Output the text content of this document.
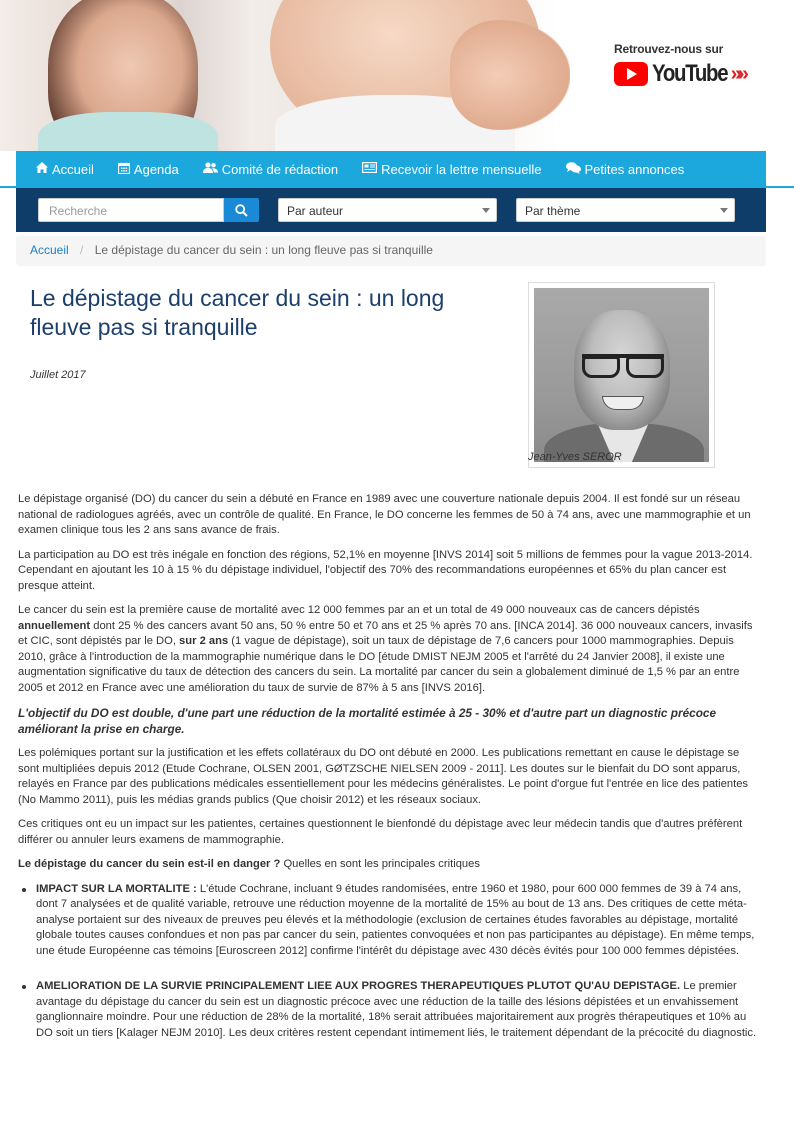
Retrouvez-nous sur
YouTube »»
Accueil	Agenda	Comité de rédaction	Recevoir la lettre mensuelle	Petites annonces
Recherche	Par auteur	Par thème
Accueil / Le dépistage du cancer du sein : un long fleuve pas si tranquille
Le dépistage du cancer du sein : un long fleuve pas si tranquille
Juillet 2017
Jean-Yves SEROR

Le dépistage organisé (DO) du cancer du sein a débuté en France en 1989 avec une couverture nationale depuis 2004. Il est fondé sur un réseau national de radiologues agréés, avec un contrôle de qualité. En France, le DO concerne les femmes de 50 à 74 ans, avec une mammographie et un examen clinique tous les 2 ans sans avance de frais.

La participation au DO est très inégale en fonction des régions, 52,1% en moyenne [INVS 2014] soit 5 millions de femmes pour la vague 2013-2014. Cependant en ajoutant les 10 à 15 % du dépistage individuel, l'objectif des 70% des recommandations européennes et 65% du plan cancer est presque atteint.

Le cancer du sein est la première cause de mortalité avec 12 000 femmes par an et un total de 49 000 nouveaux cas de cancers dépistés annuellement dont 25 % des cancers avant 50 ans, 50 % entre 50 et 70 ans et 25 % après 70 ans. [INCA 2014]. 36 000 nouveaux cancers, invasifs et CIC, sont dépistés par le DO, sur 2 ans (1 vague de dépistage), soit un taux de dépistage de 7,6 cancers pour 1000 mammographies. Depuis 2010, grâce à l'introduction de la mammographie numérique dans le DO [étude DMIST NEJM 2005 et l'arrêté du 24 Janvier 2008], il existe une augmentation significative du taux de détection des cancers du sein. La mortalité par cancer du sein a globalement diminué de 1,5 % par an entre 2005 et 2012 en France avec une amélioration du taux de survie de 87% à 5 ans [INVS 2016].

L'objectif du DO est double, d'une part une réduction de la mortalité estimée à 25 - 30% et d'autre part un diagnostic précoce améliorant la prise en charge.

Les polémiques portant sur la justification et les effets collatéraux du DO ont débuté en 2000. Les publications remettant en cause le dépistage se sont multipliées depuis 2012 (Etude Cochrane, OLSEN 2001, GØTZSCHE NIELSEN 2009 - 2011]. Les doutes sur le bienfait du DO sont apparus, relayés en France par des publications médicales essentiellement pour les médecins généralistes. Le point d'orgue fut l'entrée en lice des patientes (No Mammo 2011), puis les médias grands publics (Que choisir 2012) et les réseaux sociaux.

Ces critiques ont eu un impact sur les patientes, certaines questionnent le bienfondé du dépistage avec leur médecin tandis que d'autres préfèrent différer ou annuler leurs examens de mammographie.

Le dépistage du cancer du sein est-il en danger ? Quelles en sont les principales critiques

IMPACT SUR LA MORTALITE : L'étude Cochrane, incluant 9 études randomisées, entre 1960 et 1980, pour 600 000 femmes de 39 à 74 ans, dont 7 analysées et de qualité variable, retrouve une réduction moyenne de la mortalité de 15% au bout de 13 ans. Des critiques de cette méta-analyse portaient sur des niveaux de preuves peu élevés et la méthodologie (exclusion de certaines études favorables au dépistage, mortalité globale toutes causes confondues et non pas par cancer du sein, patientes convoquées et non pas participantes au dépistage). En même temps, une étude Européenne cas témoins [Euroscreen 2012] confirme l'intérêt du dépistage avec 430 décès évités pour 100 000 femmes dépistées.
AMELIORATION DE LA SURVIE PRINCIPALEMENT LIEE AUX PROGRES THERAPEUTIQUES PLUTOT QU'AU DEPISTAGE. Le premier avantage du dépistage du cancer du sein est un diagnostic précoce avec une réduction de la taille des lésions dépistées et un envahissement ganglionnaire moindre. Pour une réduction de 28% de la mortalité, 18% serait attribuées majoritairement aux progrès thérapeutiques et 10% au DO soit un tiers [Kalager NEJM 2010]. Les deux critères restent cependant intimement liés, le traitement dépendant de la précocité du diagnostic.
